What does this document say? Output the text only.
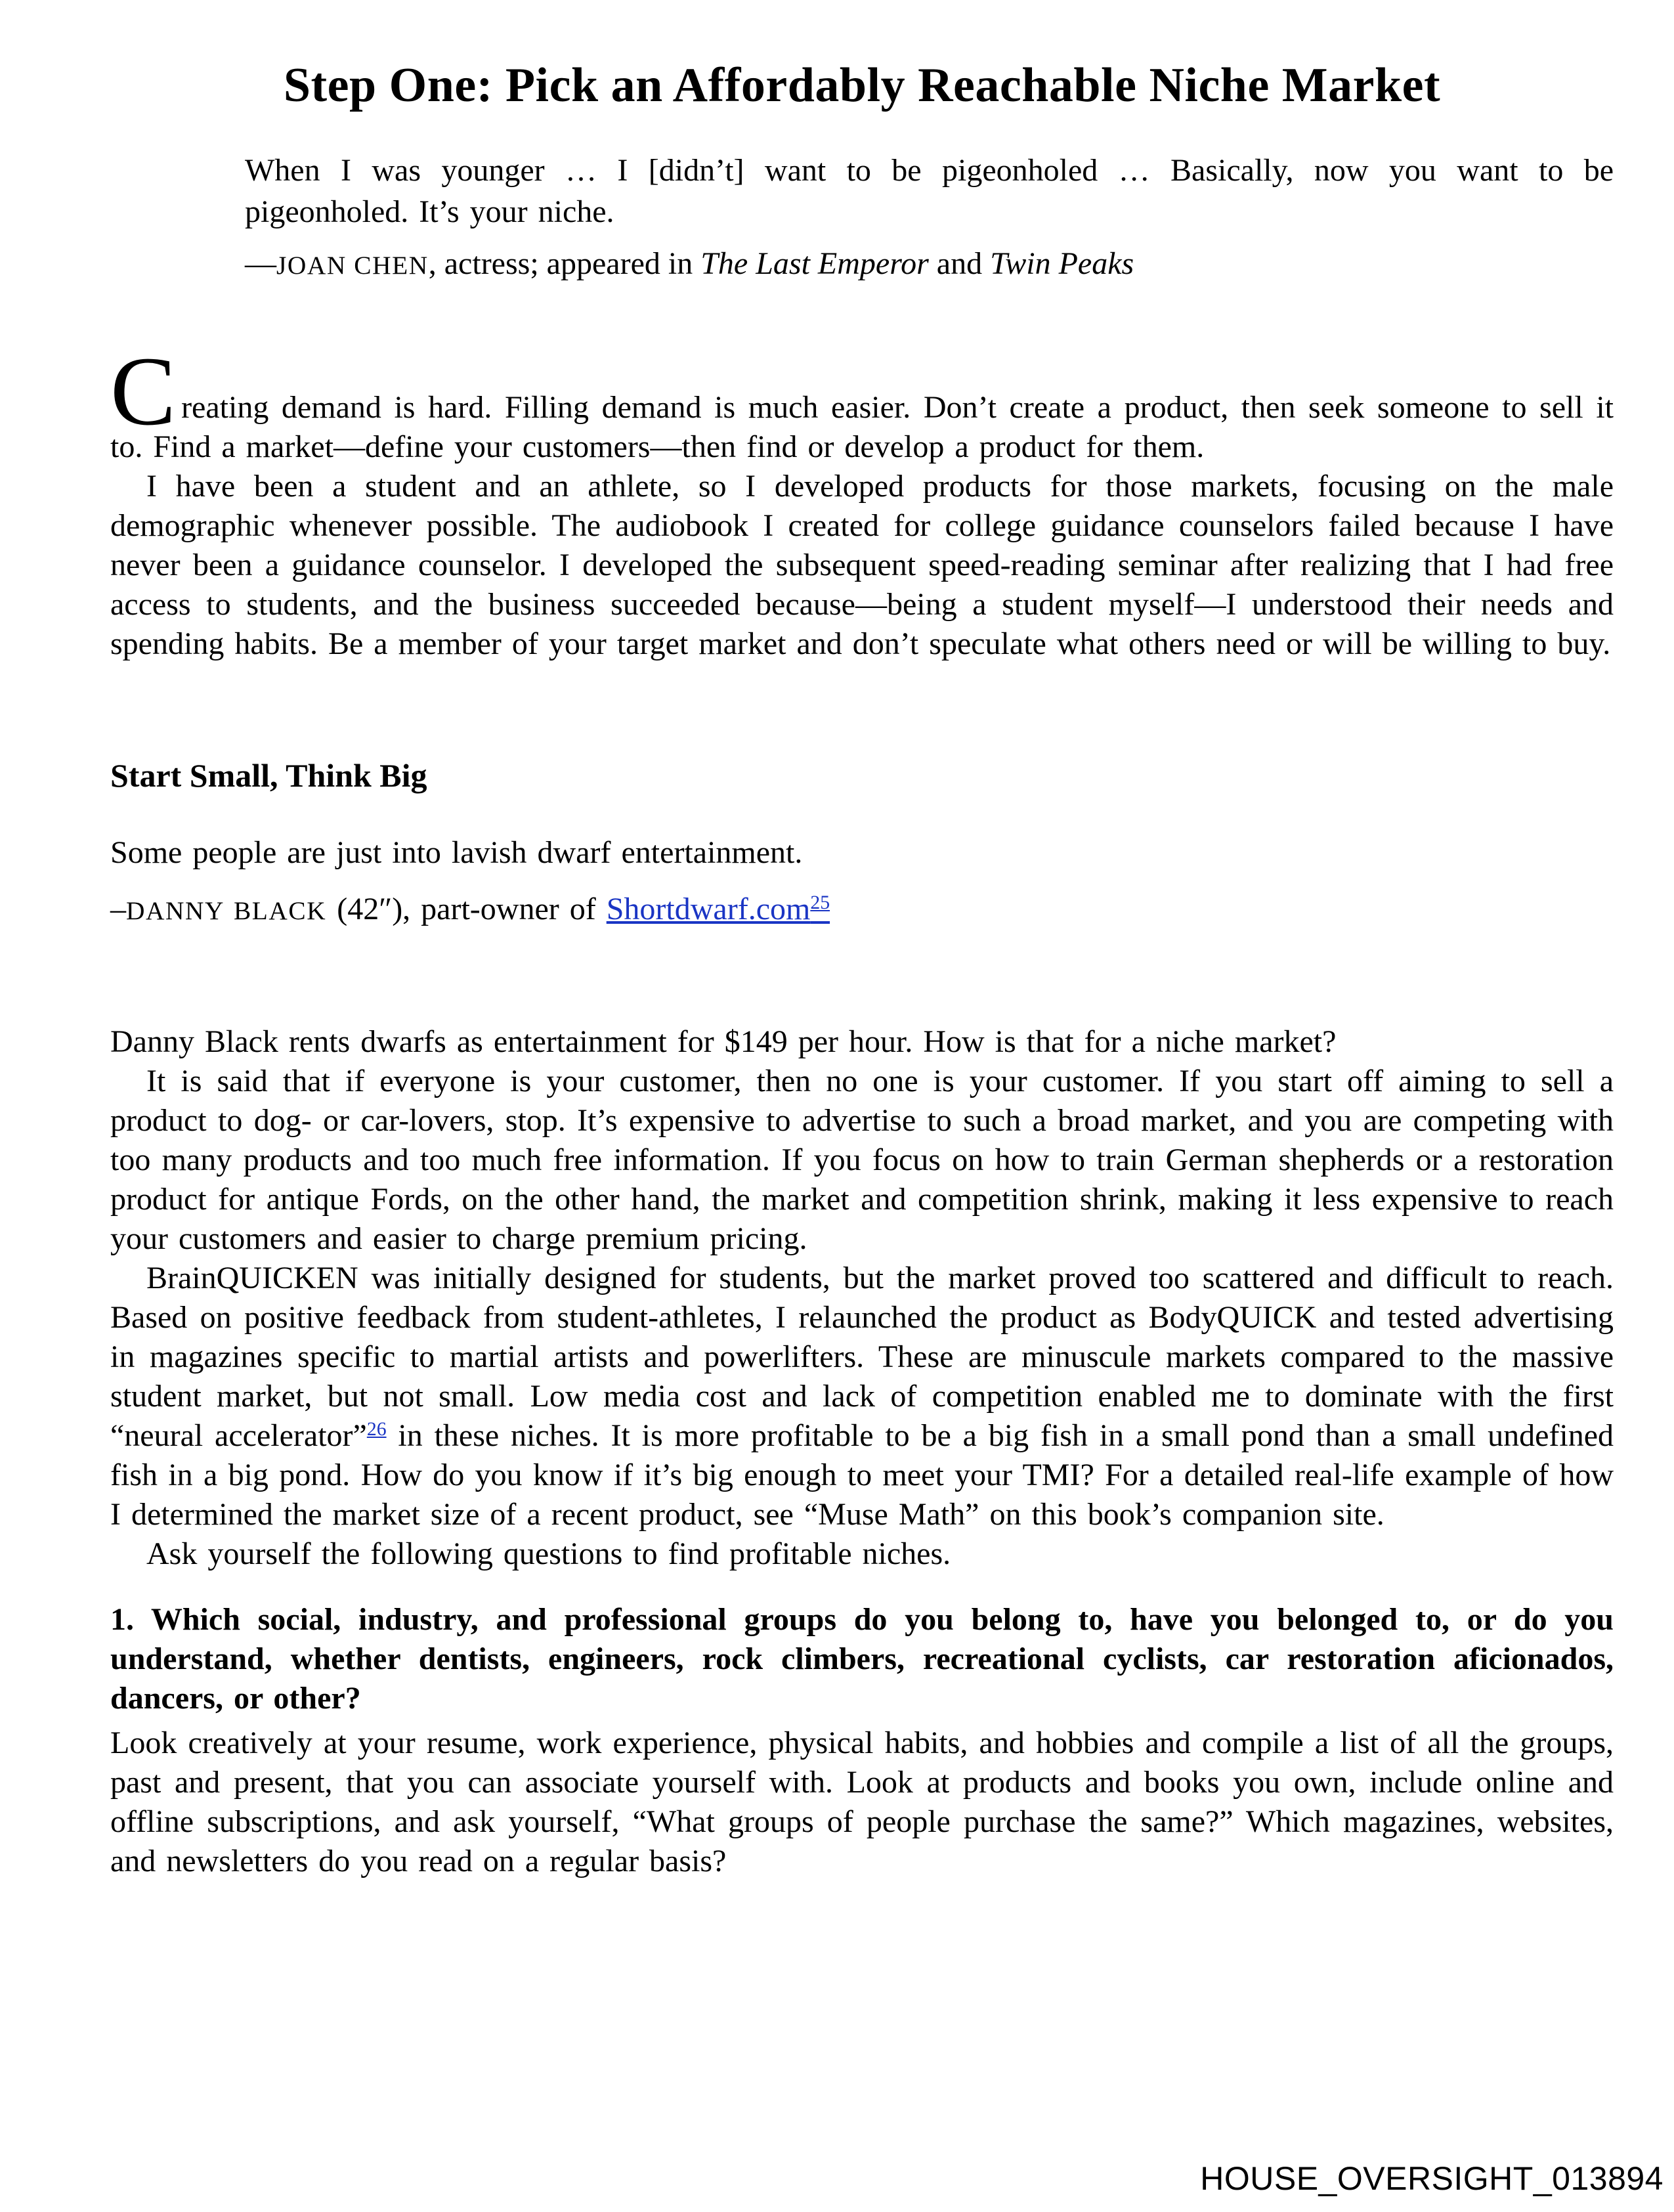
Step One: Pick an Affordably Reachable Niche Market

When I was younger … I [didn’t] want to be pigeonholed … Basically, now you want to be pigeonholed. It’s your niche.

—JOAN CHEN, actress; appeared in The Last Emperor and Twin Peaks

Creating demand is hard. Filling demand is much easier. Don’t create a product, then seek someone to sell it to. Find a market—define your customers—then find or develop a product for them.

I have been a student and an athlete, so I developed products for those markets, focusing on the male demographic whenever possible. The audiobook I created for college guidance counselors failed because I have never been a guidance counselor. I developed the subsequent speed-reading seminar after realizing that I had free access to students, and the business succeeded because—being a student myself—I understood their needs and spending habits. Be a member of your target market and don’t speculate what others need or will be willing to buy.

Start Small, Think Big

Some people are just into lavish dwarf entertainment.

–DANNY BLACK (42″), part-owner of Shortdwarf.com$^{25}$

Danny Black rents dwarfs as entertainment for $149 per hour. How is that for a niche market?

It is said that if everyone is your customer, then no one is your customer. If you start off aiming to sell a product to dog- or car-lovers, stop. It’s expensive to advertise to such a broad market, and you are competing with too many products and too much free information. If you focus on how to train German shepherds or a restoration product for antique Fords, on the other hand, the market and competition shrink, making it less expensive to reach your customers and easier to charge premium pricing.

BrainQUICKEN was initially designed for students, but the market proved too scattered and difficult to reach. Based on positive feedback from student-athletes, I relaunched the product as BodyQUICK and tested advertising in magazines specific to martial artists and powerlifters. These are minuscule markets compared to the massive student market, but not small. Low media cost and lack of competition enabled me to dominate with the first “neural accelerator”$^{26}$ in these niches. It is more profitable to be a big fish in a small pond than a small undefined fish in a big pond. How do you know if it’s big enough to meet your TMI? For a detailed real-life example of how I determined the market size of a recent product, see “Muse Math” on this book’s companion site.

Ask yourself the following questions to find profitable niches.

1. Which social, industry, and professional groups do you belong to, have you belonged to, or do you understand, whether dentists, engineers, rock climbers, recreational cyclists, car restoration aficionados, dancers, or other?

Look creatively at your resume, work experience, physical habits, and hobbies and compile a list of all the groups, past and present, that you can associate yourself with. Look at products and books you own, include online and offline subscriptions, and ask yourself, “What groups of people purchase the same?” Which magazines, websites, and newsletters do you read on a regular basis?

HOUSE_OVERSIGHT_013894
